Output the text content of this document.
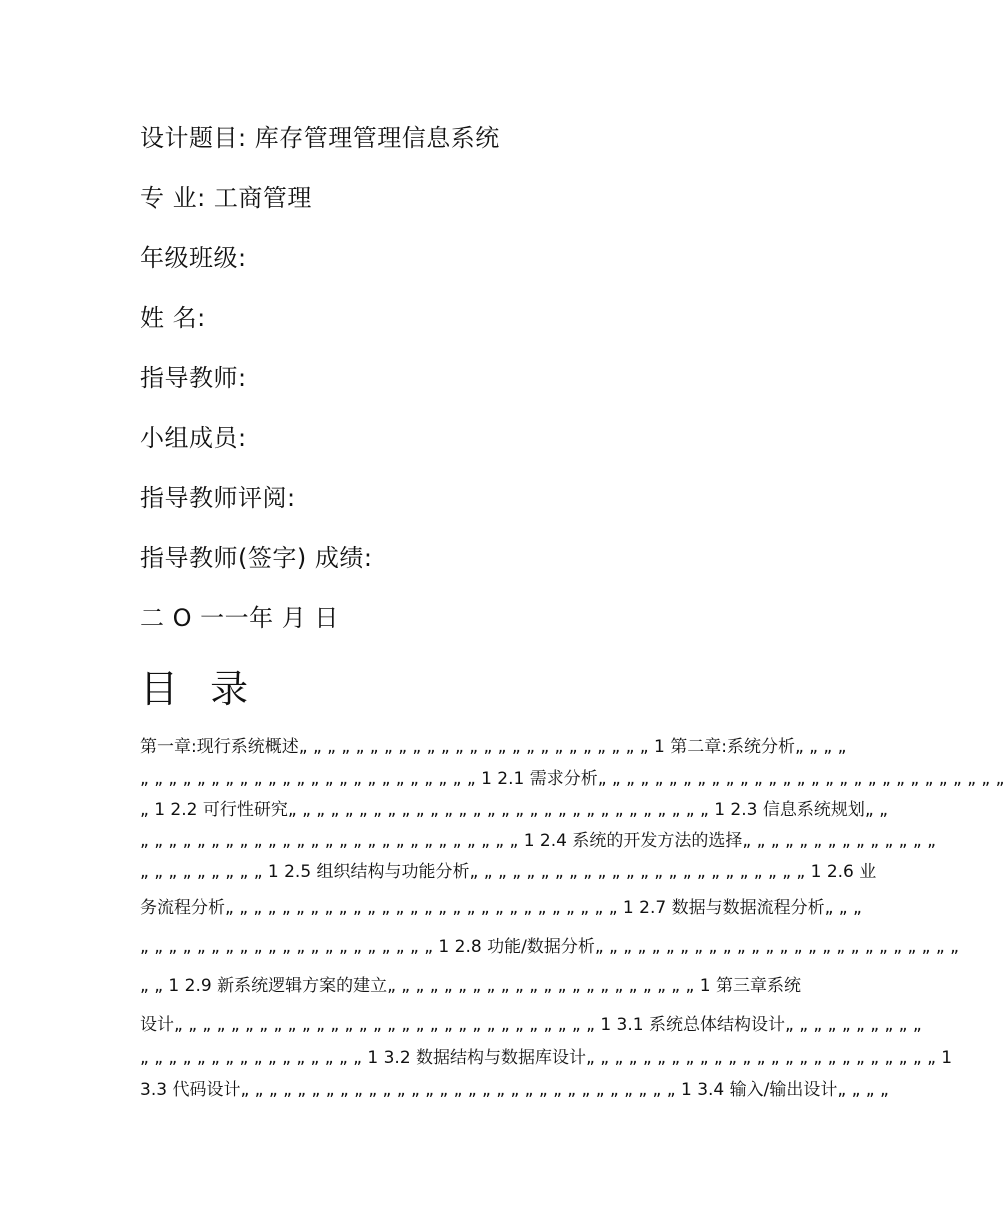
设计题目: 库存管理管理信息系统
专 业: 工商管理
年级班级:
姓 名:
指导教师:
小组成员:
指导教师评阅:
指导教师(签字) 成绩:
二 O 一一年 月 日
目 录
第一章:现行系统概述„ „ „ „ „ „ „ „ „ „ „ „ „ „ „ „ „ „ „ „ „ „ „ „ „ 1 第二章:系统分析„ „ „ „
„ „ „ „ „ „ „ „ „ „ „ „ „ „ „ „ „ „ „ „ „ „ „ „ 1 2.1 需求分析„ „ „ „ „ „ „ „ „ „ „ „ „ „ „ „ „ „ „ „ „ „ „ „ „ „ „ „ „
„ 1 2.2 可行性研究„ „ „ „ „ „ „ „ „ „ „ „ „ „ „ „ „ „ „ „ „ „ „ „ „ „ „ „ „ „ 1 2.3 信息系统规划„ „
„ „ „ „ „ „ „ „ „ „ „ „ „ „ „ „ „ „ „ „ „ „ „ „ „ „ „ 1 2.4 系统的开发方法的选择„ „ „ „ „ „ „ „ „ „ „ „ „ „
„ „ „ „ „ „ „ „ „ 1 2.5 组织结构与功能分析„ „ „ „ „ „ „ „ „ „ „ „ „ „ „ „ „ „ „ „ „ „ „ „ 1 2.6 业
务流程分析„ „ „ „ „ „ „ „ „ „ „ „ „ „ „ „ „ „ „ „ „ „ „ „ „ „ „ „ 1 2.7 数据与数据流程分析„ „ „
„ „ „ „ „ „ „ „ „ „ „ „ „ „ „ „ „ „ „ „ „ 1 2.8 功能/数据分析„ „ „ „ „ „ „ „ „ „ „ „ „ „ „ „ „ „ „ „ „ „ „ „ „ „
„ „ 1 2.9 新系统逻辑方案的建立„ „ „ „ „ „ „ „ „ „ „ „ „ „ „ „ „ „ „ „ „ „ 1 第三章系统
设计„ „ „ „ „ „ „ „ „ „ „ „ „ „ „ „ „ „ „ „ „ „ „ „ „ „ „ „ „ „ 1 3.1 系统总体结构设计„ „ „ „ „ „ „ „ „ „
„ „ „ „ „ „ „ „ „ „ „ „ „ „ „ „ 1 3.2 数据结构与数据库设计„ „ „ „ „ „ „ „ „ „ „ „ „ „ „ „ „ „ „ „ „ „ „ „ „ 1
3.3 代码设计„ „ „ „ „ „ „ „ „ „ „ „ „ „ „ „ „ „ „ „ „ „ „ „ „ „ „ „ „ „ „ 1 3.4 输入/输出设计„ „ „ „
